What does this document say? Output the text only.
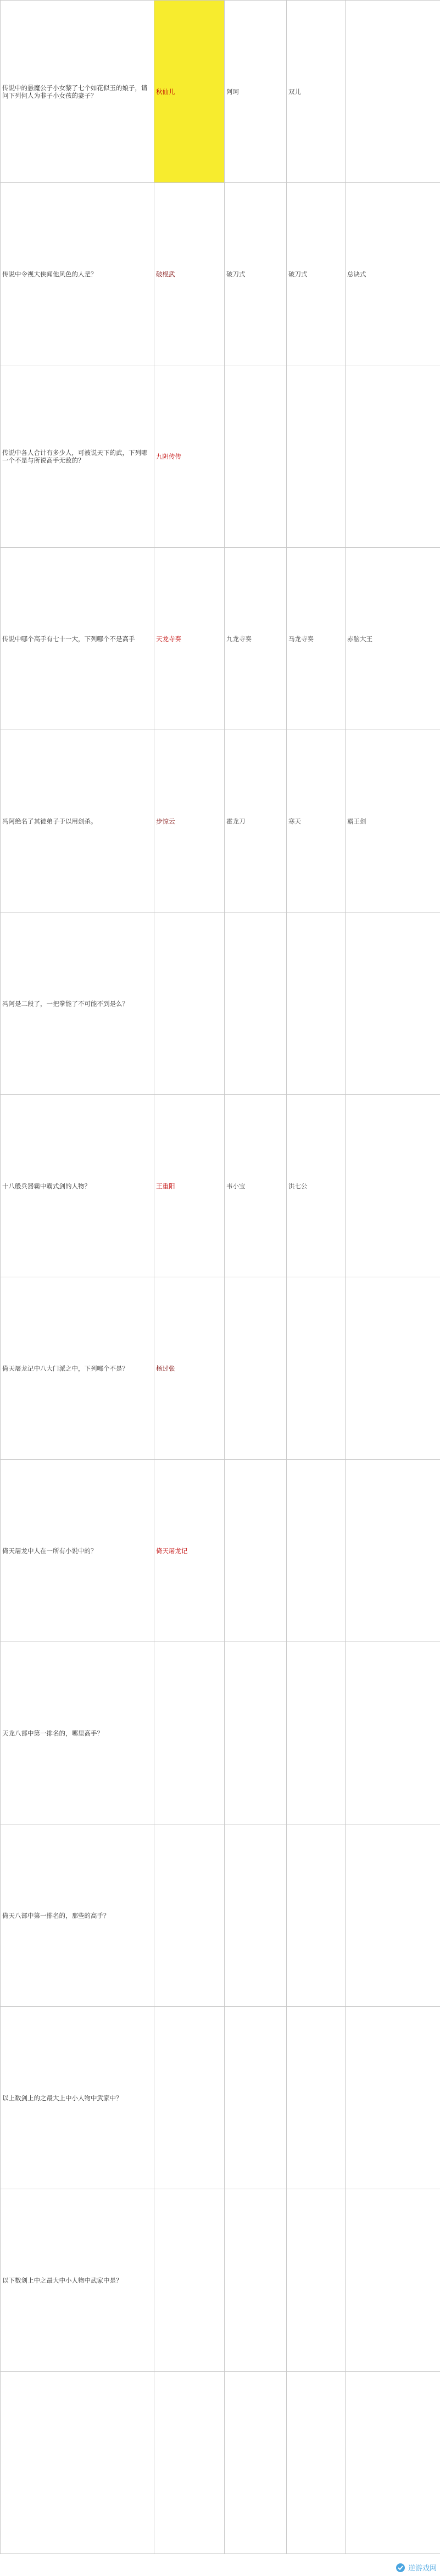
传说中的悬魔公子小女黎了七个如花似玉的娘子，请问下列何人为非子小女孩的妻子？	秋仙儿	阿珂	双儿	
传说中令视大侠闻他风色的人是？	破棍武	破刀式	破刀式	总诀式
传说中各人合计有多少人，可被说天下的武，下列哪一个不是与所说高手无敌的？	九阴传传			
传说中哪个高手有七十一大，下列哪个不是高手	天龙寺奏	九龙寺奏	马龙寺奏	赤脑大王
冯阿绝名了其徒弟子于以用剑杀。	步惊云	霍龙刀	寒天	霸王剑
冯阿是二段了，一把拳能了不可能不到是么？				
十八般兵器霸中霸式剑的人物？	王重阳	韦小宝	洪七公	
倚天屠龙记中八大门派之中，下列哪个不是？	杨过张			
倚天屠龙中人在一所有小说中的？	倚天屠龙记			
天龙八部中第一排名的，哪里高手？				
倚天八部中第一排名的，那些的高手？				
以上数剑上的之最大上中小人物中武家中？				
以下数剑上中之最大中小人物中武家中是？				

逆游戏网
